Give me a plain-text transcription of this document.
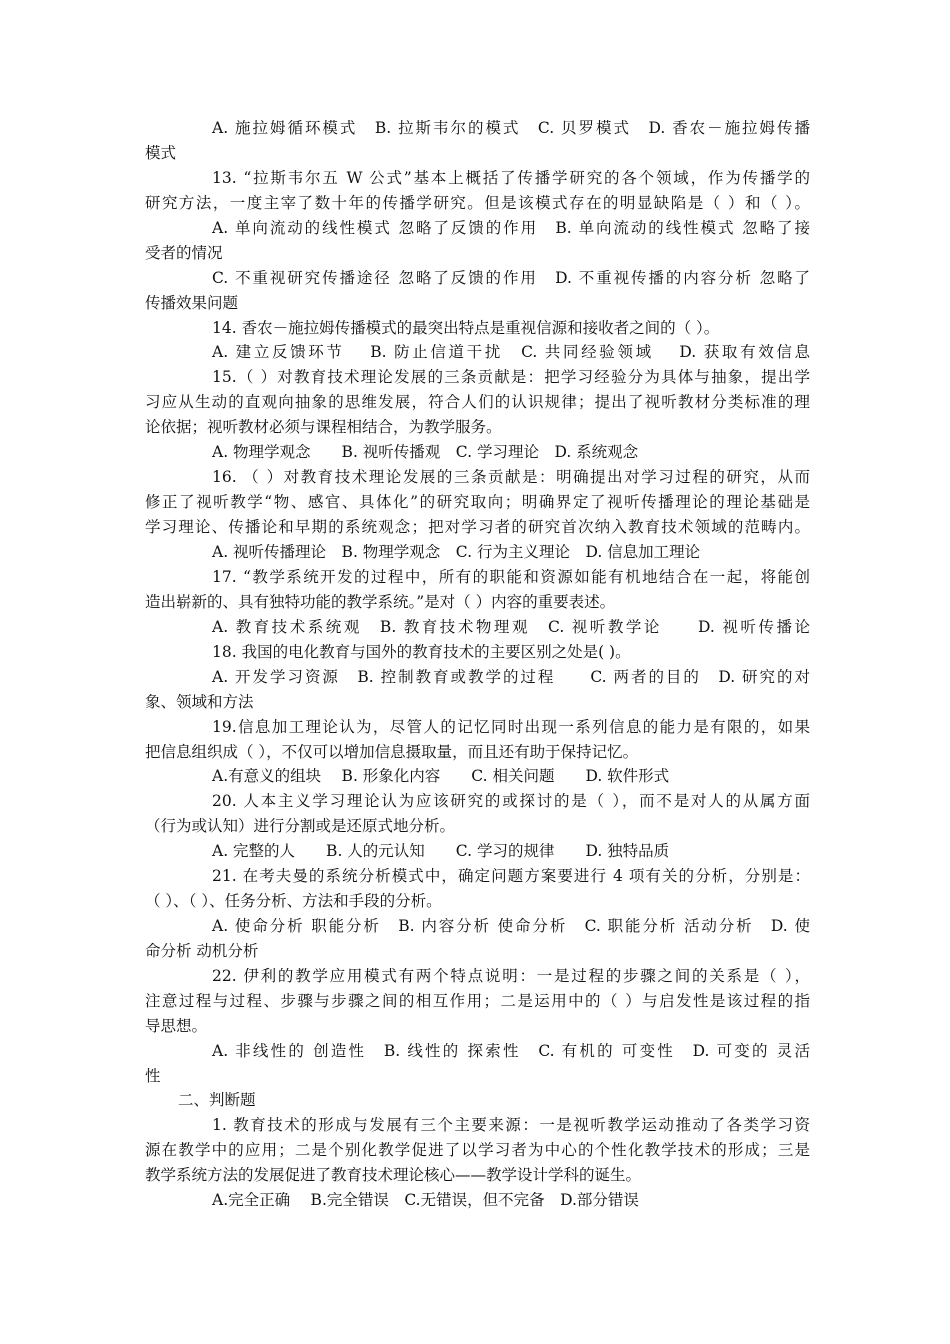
A. 施拉姆循环模式　B. 拉斯韦尔的模式　C. 贝罗模式　D. 香农－施拉姆传播
模式
13. “拉斯韦尔五 W 公式”基本上概括了传播学研究的各个领域，作为传播学的
研究方法，一度主宰了数十年的传播学研究。但是该模式存在的明显缺陷是（ ）和（ ）。
A. 单向流动的线性模式 忽略了反馈的作用　B. 单向流动的线性模式 忽略了接
受者的情况
C. 不重视研究传播途径 忽略了反馈的作用　D. 不重视传播的内容分析 忽略了
传播效果问题
14. 香农－施拉姆传播模式的最突出特点是重视信源和接收者之间的（ ）。
A. 建立反馈环节　 B. 防止信道干扰　C. 共同经验领域　 D. 获取有效信息
15.（ ）对教育技术理论发展的三条贡献是：把学习经验分为具体与抽象，提出学
习应从生动的直观向抽象的思维发展，符合人们的认识规律；提出了视听教材分类标准的理
论依据；视听教材必须与课程相结合，为教学服务。
A. 物理学观念　　B. 视听传播观　C. 学习理论　D. 系统观念
16. （ ）对教育技术理论发展的三条贡献是：明确提出对学习过程的研究，从而
修正了视听教学“物、感官、具体化”的研究取向；明确界定了视听传播理论的理论基础是
学习理论、传播论和早期的系统观念；把对学习者的研究首次纳入教育技术领域的范畴内。
A. 视听传播理论　B. 物理学观念　C. 行为主义理论　D. 信息加工理论
17. “教学系统开发的过程中，所有的职能和资源如能有机地结合在一起，将能创
造出崭新的、具有独特功能的教学系统。”是对（ ）内容的重要表述。
A. 教育技术系统观　B. 教育技术物理观　C. 视听教学论　　D. 视听传播论
18. 我国的电化教育与国外的教育技术的主要区别之处是( )。
A. 开发学习资源　B. 控制教育或教学的过程　　C. 两者的目的　D. 研究的对
象、领域和方法
19.信息加工理论认为，尽管人的记忆同时出现一系列信息的能力是有限的，如果
把信息组织成（ ），不仅可以增加信息摄取量，而且还有助于保持记忆。
A.有意义的组块　 B. 形象化内容　　C. 相关问题　　D. 软件形式
20. 人本主义学习理论认为应该研究的或探讨的是（ ），而不是对人的从属方面
（行为或认知）进行分割或是还原式地分析。
A. 完整的人　　B. 人的元认知　　C. 学习的规律　　D. 独特品质
21. 在考夫曼的系统分析模式中，确定问题方案要进行 4 项有关的分析，分别是：
（ ）、（ ）、任务分析、方法和手段的分析。
A. 使命分析 职能分析　B. 内容分析 使命分析　C. 职能分析 活动分析　D. 使
命分析 动机分析
22. 伊利的教学应用模式有两个特点说明：一是过程的步骤之间的关系是（ ），
注意过程与过程、步骤与步骤之间的相互作用；二是运用中的（ ）与启发性是该过程的指
导思想。
A. 非线性的 创造性　B. 线性的 探索性　C. 有机的 可变性　D. 可变的 灵活
性
二、判断题
1. 教育技术的形成与发展有三个主要来源：一是视听教学运动推动了各类学习资
源在教学中的应用；二是个别化教学促进了以学习者为中心的个性化教学技术的形成；三是
教学系统方法的发展促进了教育技术理论核心——教学设计学科的诞生。
A.完全正确　 B.完全错误　C.无错误，但不完备　D.部分错误
